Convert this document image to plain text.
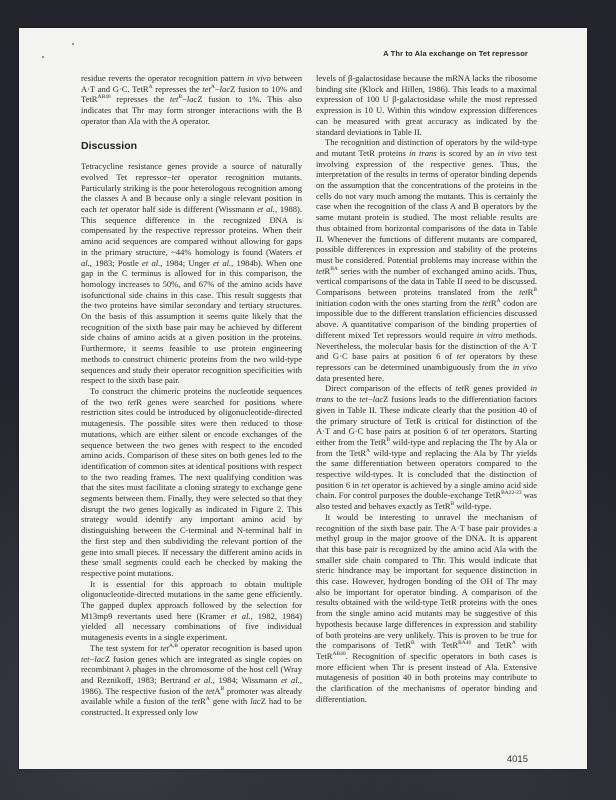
A Thr to Ala exchange on Tet repressor

residue reverts the operator recognition pattern in vivo between A·T and G·C. TetR$^A$ represses the tet$^A$−lacZ fusion to 10% and TetR$^{AB40}$ represses the tet$^B$−lacZ fusion to 1%. This also indicates that Thr may form stronger interactions with the B operator than Ala with the A operator.

Discussion

Tetracycline resistance genes provide a source of naturally evolved Tet repressor−tet operator recognition mutants. Particularly striking is the poor heterologous recognition among the classes A and B because only a single relevant position in each tet operator half side is different (Wissmann et al., 1988). This sequence difference in the recognized DNA is compensated by the respective repressor proteins. When their amino acid sequences are compared without allowing for gaps in the primary structure, ~44% homology is found (Waters et al., 1983; Postle et al., 1984; Unger et al., 1984b). When one gap in the C terminus is allowed for in this comparison, the homology increases to 50%, and 67% of the amino acids have isofunctional side chains in this case. This result suggests that the two proteins have similar secondary and tertiary structures. On the basis of this assumption it seems quite likely that the recognition of the sixth base pair may be achieved by different side chains of amino acids at a given position in the proteins. Furthermore, it seems feasible to use protein engineering methods to construct chimeric proteins from the two wild-type sequences and study their operator recognition specificities with respect to the sixth base pair.

To construct the chimeric proteins the nucleotide sequences of the two tetR genes were searched for positions where restriction sites could be introduced by oligonucleotide-directed mutagenesis. The possible sites were then reduced to those mutations, which are either silent or encode exchanges of the sequence between the two genes with respect to the encoded amino acids. Comparison of these sites on both genes led to the identification of common sites at identical positions with respect to the two reading frames. The next qualifying condition was that the sites must facilitate a cloning strategy to exchange gene segments between them. Finally, they were selected so that they disrupt the two genes logically as indicated in Figure 2. This strategy would identify any important amino acid by distinguishing between the C-terminal and N-terminal half in the first step and then subdividing the relevant portion of the gene into small pieces. If necessary the different amino acids in these small segments could each be checked by making the respective point mutations.

It is essential for this approach to obtain multiple oligonucleotide-directed mutations in the same gene efficiently. The gapped duplex approach followed by the selection for M13mp9 revertants used here (Kramer et al., 1982, 1984) yielded all necessary combinations of five individual mutagenesis events in a single experiment.

The test system for tet$^{A,B}$ operator recognition is based upon tet−lacZ fusion genes which are integrated as single copies on recombinant λ phages in the chromosome of the host cell (Wray and Reznikoff, 1983; Bertrand et al., 1984; Wissmann et al., 1986). The respective fusion of the tetA$^B$ promoter was already available while a fusion of the tetR$^A$ gene with lacZ had to be constructed. It expressed only low

levels of β-galactosidase because the mRNA lacks the ribosome binding site (Klock and Hillen, 1986). This leads to a maximal expression of 100 U β-galactosidase while the most repressed expression is 10 U. Within this window expression differences can be measured with great accuracy as indicated by the standard deviations in Table II.

The recognition and distinction of operators by the wild-type and mutant TetR proteins in trans is scored by an in vivo test involving expression of the respective genes. Thus, the interpretation of the results in terms of operator binding depends on the assumption that the concentrations of the proteins in the cells do not vary much among the mutants. This is certainly the case when the recognition of the class A and B operators by the same mutant protein is studied. The most reliable results are thus obtained from horizontal comparisons of the data in Table II. Whenever the functions of different mutants are compared, possible differences in expression and stability of the proteins must be considered. Potential problems may increase within the tetR$^{BA}$ series with the number of exchanged amino acids. Thus, vertical comparisons of the data in Table II need to be discussed. Comparisons between proteins translated from the tetR$^B$ initiation codon with the ones starting from the tetR$^A$ codon are impossible due to the different translation efficiencies discussed above. A quantitative comparison of the binding properties of different mixed Tet repressors would require in vitro methods. Nevertheless, the molecular basis for the distinction of the A·T and G·C base pairs at position 6 of tet operators by these repressors can be determined unambiguously from the in vivo data presented here.

Direct comparison of the effects of tetR genes provided in trans to the tet−lacZ fusions leads to the differentiation factors given in Table II. These indicate clearly that the position 40 of the primary structure of TetR is critical for distinction of the A·T and G·C base pairs at position 6 of tet operators. Starting either from the TetR$^B$ wild-type and replacing the Thr by Ala or from the TetR$^A$ wild-type and replacing the Ala by Thr yields the same differentiation between operators compared to the respective wild-types. It is concluded that the distinction of position 6 in tet operator is achieved by a single amino acid side chain. For control purposes the double-exchange TetR$^{BA22-23}$ was also tested and behaves exactly as TetR$^B$ wild-type.

It would be interesting to unravel the mechanism of recognition of the sixth base pair. The A·T base pair provides a methyl group in the major groove of the DNA. It is apparent that this base pair is recognized by the amino acid Ala with the smaller side chain compared to Thr. This would indicate that steric hindrance may be important for sequence distinction in this case. However, hydrogen bonding of the OH of Thr may also be important for operator binding. A comparison of the results obtained with the wild-type TetR proteins with the ones from the single amino acid mutants may be suggestive of this hypothesis because large differences in expression and stability of both proteins are very unlikely. This is proven to be true for the comparisons of TetR$^B$ with TetR$^{BA40}$ and TetR$^A$ with TetR$^{AB40}$. Recognition of specific operators in both cases is more efficient when Thr is present instead of Ala. Extensive mutagenesis of position 40 in both proteins may contribute to the clarification of the mechanisms of operator binding and differentiation.

4015
